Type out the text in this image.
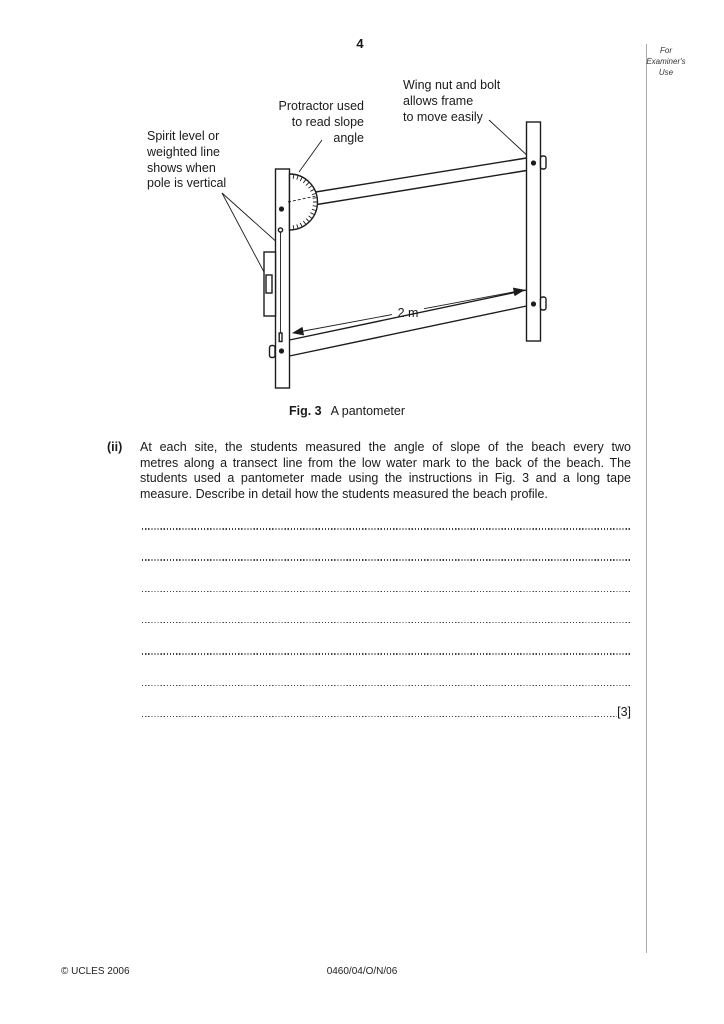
4	For
Examiner's
Use
Wing nut and bolt
allows frame
to move easily
Protractor used
to read slope
angle
Spirit level or
weighted line
shows when
pole is vertical
2 m
Fig. 3 A pantometer
(ii) At each site, the students measured the angle of slope of the beach every two
metres along a transect line from the low water mark to the back of the beach. The
students used a pantometer made using the instructions in Fig. 3 and a long tape
measure. Describe in detail how the students measured the beach profile.
[3]
© UCLES 2006	0460/04/O/N/06
